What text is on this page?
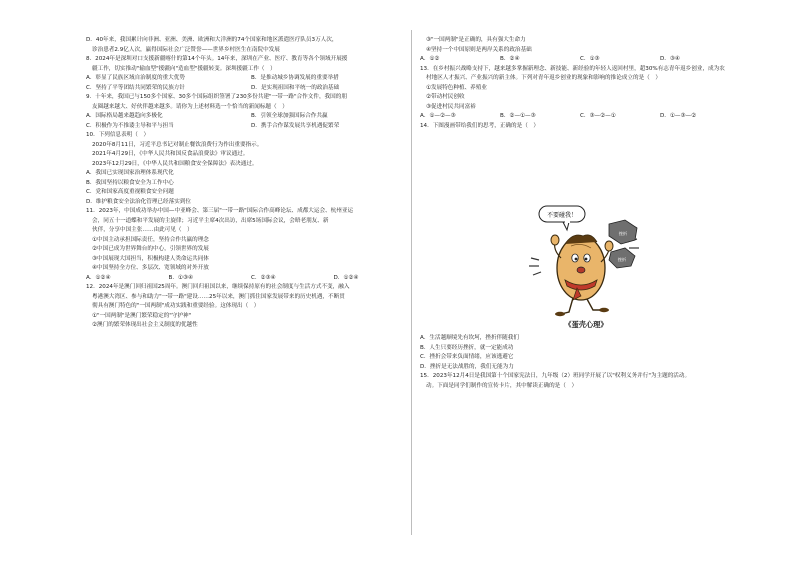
D．40年来，我国累计向非洲、亚洲、美洲、欧洲和大洋洲的74个国家和地区派遣医疗队员3万人次，
诊治患者2.9亿人次，赢得国际社会广泛赞誉——世界乡村医生在南院中发展
8．2024年是深圳对口支援新疆喀什的第14个年头。14年来，深圳在产业、医疗、教育等各个领域开展援
疆工作，切实推动"输血型"援疆向"造血型"援疆转变。深圳援疆工作（　）
A．彰显了民族区域自治制度的重大优势	B．是推动城乡协调发展的重要举措
C．坚持了平等团结共同繁荣的民族方针	D．是实现祖国和平统一的政治基础
9．十年来，我国已与150多个国家、30多个国际组织签署了230多份共建"一带一路"合作文件，我国的朋
友圈越来越大、好伙伴越来越多。请你为上述材料选一个恰当的新闻标题（　）
A．国际格局越来越趋向多极化	B．引领全球加强国际合作共赢
C．积极作为不推诿主导和平与担当	D．携手合作谋发展共享机遇促繁荣
10．下列信息表明（　）
2020年8月11日，习近平总书记对制止餐饮浪费行为作出重要指示。
2021年4月29日，《中华人民共和国反食品浪费法》审议通过。
2023年12月29日，《中华人民共和国粮食安全保障法》表决通过。
A．我国已实现国家治理体系现代化
B．我国坚持以粮食安全为工作中心
C．党和国家高度重视粮食安全问题
D．维护粮食安全法治化管理已经落实到位
11．2023年，中国成功举办中国—中亚峰会、第三届"一带一路"国际合作高峰论坛、成都大运会、杭州亚运
会，同五十一道蝶和平发展的主旋律；习近平主席4次出访，出席5场国际会议，会晤老朋友、新
伙伴，分享中国主张……由此可见（　）
①中国主动承担国际责任，坚持合作共赢的理念
②中国已成为世界舞台的中心，引领世界的发展
③中国展现大国担当，积极构建人类命运共同体
④中国坚持全方位、多层次、宽领域的对外开放
A．①②④	B．①③④	C．②③④	D．①②④
12．2024年是澳门回归祖国25周年。澳门回归祖国以来，继续保持原有的社会制度与生活方式不变，融入
粤港澳大湾区、参与和助力"一带一路"建设……25年以来，澳门抓住国家发展带来的历史机遇，不断贯
彻具有澳门特色的"一国两制"成功实践和重要经验。这体现出（　）
①"一国两制"是澳门繁荣稳定的"守护神"
②澳门的繁荣体现出社会主义制度的优越性
③"一国两制"是正确的，具有强大生命力
④坚持一个中国原则是两岸关系的政治基础
A．①②	B．②④	C．①③	D．③④
13．在乡村振兴战略支持下，越来越多掌握新理念、新技能、新经验的年轻人返回村里，超30%有志青年返乡创业，成为农
村地区人才振兴、产业振兴的新主体。下列对青年返乡创业的现象和影响的推论成立的是（　）
①发展特色种植、养殖业
②带动村民创收
③促进村民共同富裕
A．①—②—③	B．②—①—③	C．③—②—①	D．①—③—②
14．下图漫画带给我们的思考，正确的是（　）
不要碰我！
挫折
挫折
《蛋壳心理》
A．生活越顺境先有坎坷，挫折伴随我们
B．人生只要经历挫折，就一定能成功
C．挫折会带来负面情绪，应该逃避它
D．挫折是无法战胜的，我们无能为力
15．2023年12月4日是我国第十个国家宪法日，九年级（2）班同学开展了以"权利义务并行"为主题的活动。
动。下面是同学们制作的宣传卡片，其中解读正确的是（　）
